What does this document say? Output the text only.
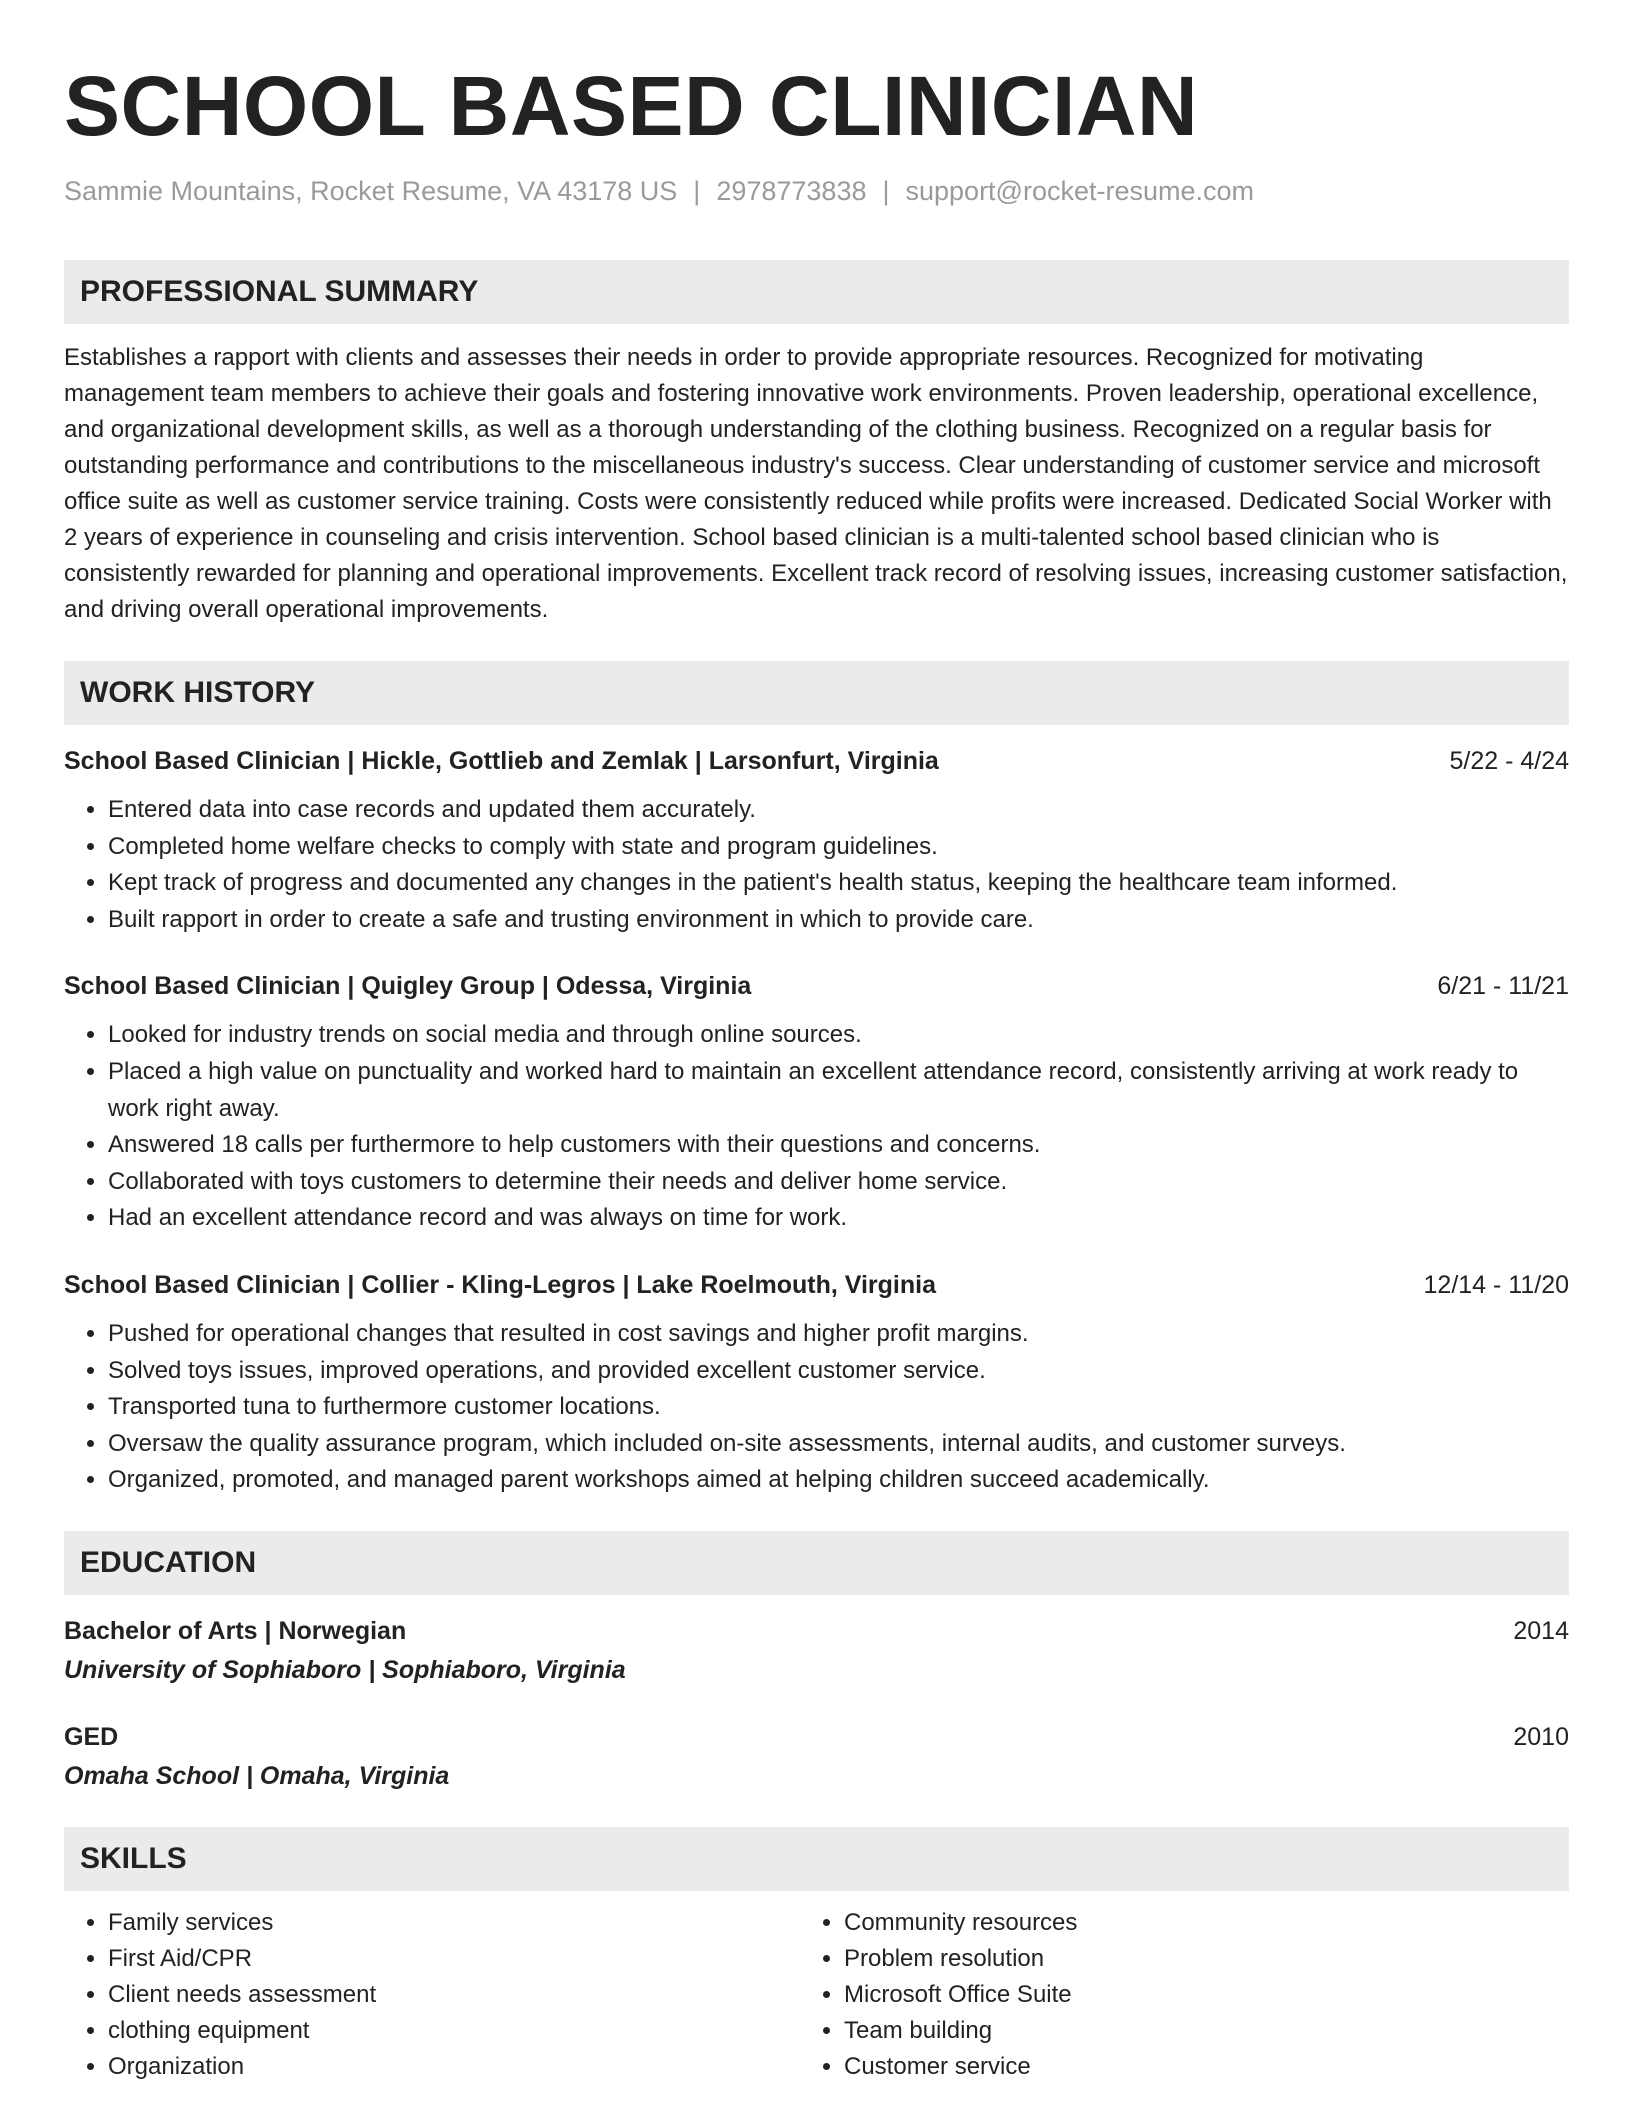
SCHOOL BASED CLINICIAN
Sammie Mountains, Rocket Resume, VA 43178 US | 2978773838 | support@rocket-resume.com
PROFESSIONAL SUMMARY
Establishes a rapport with clients and assesses their needs in order to provide appropriate resources. Recognized for motivating management team members to achieve their goals and fostering innovative work environments. Proven leadership, operational excellence, and organizational development skills, as well as a thorough understanding of the clothing business. Recognized on a regular basis for outstanding performance and contributions to the miscellaneous industry's success. Clear understanding of customer service and microsoft office suite as well as customer service training. Costs were consistently reduced while profits were increased. Dedicated Social Worker with 2 years of experience in counseling and crisis intervention. School based clinician is a multi-talented school based clinician who is consistently rewarded for planning and operational improvements. Excellent track record of resolving issues, increasing customer satisfaction, and driving overall operational improvements.
WORK HISTORY
School Based Clinician | Hickle, Gottlieb and Zemlak | Larsonfurt, Virginia	5/22 - 4/24
• Entered data into case records and updated them accurately.
• Completed home welfare checks to comply with state and program guidelines.
• Kept track of progress and documented any changes in the patient's health status, keeping the healthcare team informed.
• Built rapport in order to create a safe and trusting environment in which to provide care.
School Based Clinician | Quigley Group | Odessa, Virginia	6/21 - 11/21
• Looked for industry trends on social media and through online sources.
• Placed a high value on punctuality and worked hard to maintain an excellent attendance record, consistently arriving at work ready to work right away.
• Answered 18 calls per furthermore to help customers with their questions and concerns.
• Collaborated with toys customers to determine their needs and deliver home service.
• Had an excellent attendance record and was always on time for work.
School Based Clinician | Collier - Kling-Legros | Lake Roelmouth, Virginia	12/14 - 11/20
• Pushed for operational changes that resulted in cost savings and higher profit margins.
• Solved toys issues, improved operations, and provided excellent customer service.
• Transported tuna to furthermore customer locations.
• Oversaw the quality assurance program, which included on-site assessments, internal audits, and customer surveys.
• Organized, promoted, and managed parent workshops aimed at helping children succeed academically.
EDUCATION
Bachelor of Arts | Norwegian	2014
University of Sophiaboro | Sophiaboro, Virginia
GED	2010
Omaha School | Omaha, Virginia
SKILLS
• Family services
• First Aid/CPR
• Client needs assessment
• clothing equipment
• Organization
• Community resources
• Problem resolution
• Microsoft Office Suite
• Team building
• Customer service
